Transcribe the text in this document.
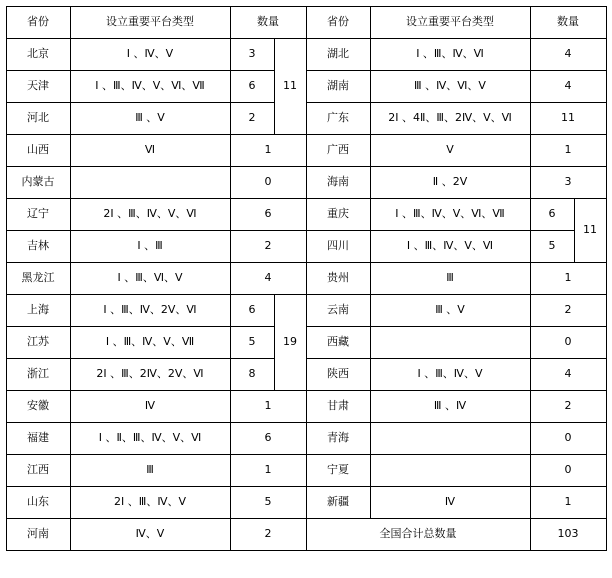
省份	设立重要平台类型	数量		省份	设立重要平台类型	数量	
北京	Ⅰ 、Ⅳ、Ⅴ	3	11	湖北	Ⅰ 、Ⅲ、Ⅳ、Ⅵ	4	
天津	Ⅰ 、Ⅲ、Ⅳ、Ⅴ、Ⅵ、Ⅶ	6		湖南	Ⅲ 、Ⅳ、Ⅵ、Ⅴ	4	
河北	Ⅲ 、Ⅴ	2		广东	2Ⅰ 、4Ⅱ、Ⅲ、2Ⅳ、Ⅴ、Ⅵ	11	
山西	Ⅵ	1		广西	Ⅴ	1	
内蒙古		0		海南	Ⅱ 、2Ⅴ	3	
辽宁	2Ⅰ 、Ⅲ、Ⅳ、Ⅴ、Ⅵ	6		重庆	Ⅰ 、Ⅲ、Ⅳ、Ⅴ、Ⅵ、Ⅶ	6	11
吉林	Ⅰ 、Ⅲ	2		四川	Ⅰ 、Ⅲ、Ⅳ、Ⅴ、Ⅵ	5	
黑龙江	Ⅰ 、Ⅲ、Ⅵ、Ⅴ	4		贵州	Ⅲ	1	
上海	Ⅰ 、Ⅲ、Ⅳ、2Ⅴ、Ⅵ	6	19	云南	Ⅲ 、Ⅴ	2	
江苏	Ⅰ 、Ⅲ、Ⅳ、Ⅴ、Ⅶ	5		西藏		0	
浙江	2Ⅰ 、Ⅲ、2Ⅳ、2Ⅴ、Ⅵ	8		陕西	Ⅰ 、Ⅲ、Ⅳ、Ⅴ	4	
安徽	Ⅳ	1		甘肃	Ⅲ 、Ⅳ	2	
福建	Ⅰ 、Ⅱ、Ⅲ、Ⅳ、Ⅴ、Ⅵ	6		青海		0	
江西	Ⅲ	1		宁夏		0	
山东	2Ⅰ 、Ⅲ、Ⅳ、Ⅴ	5		新疆	Ⅳ	1	
河南	Ⅳ、Ⅴ	2		全国合计总数量		103	
